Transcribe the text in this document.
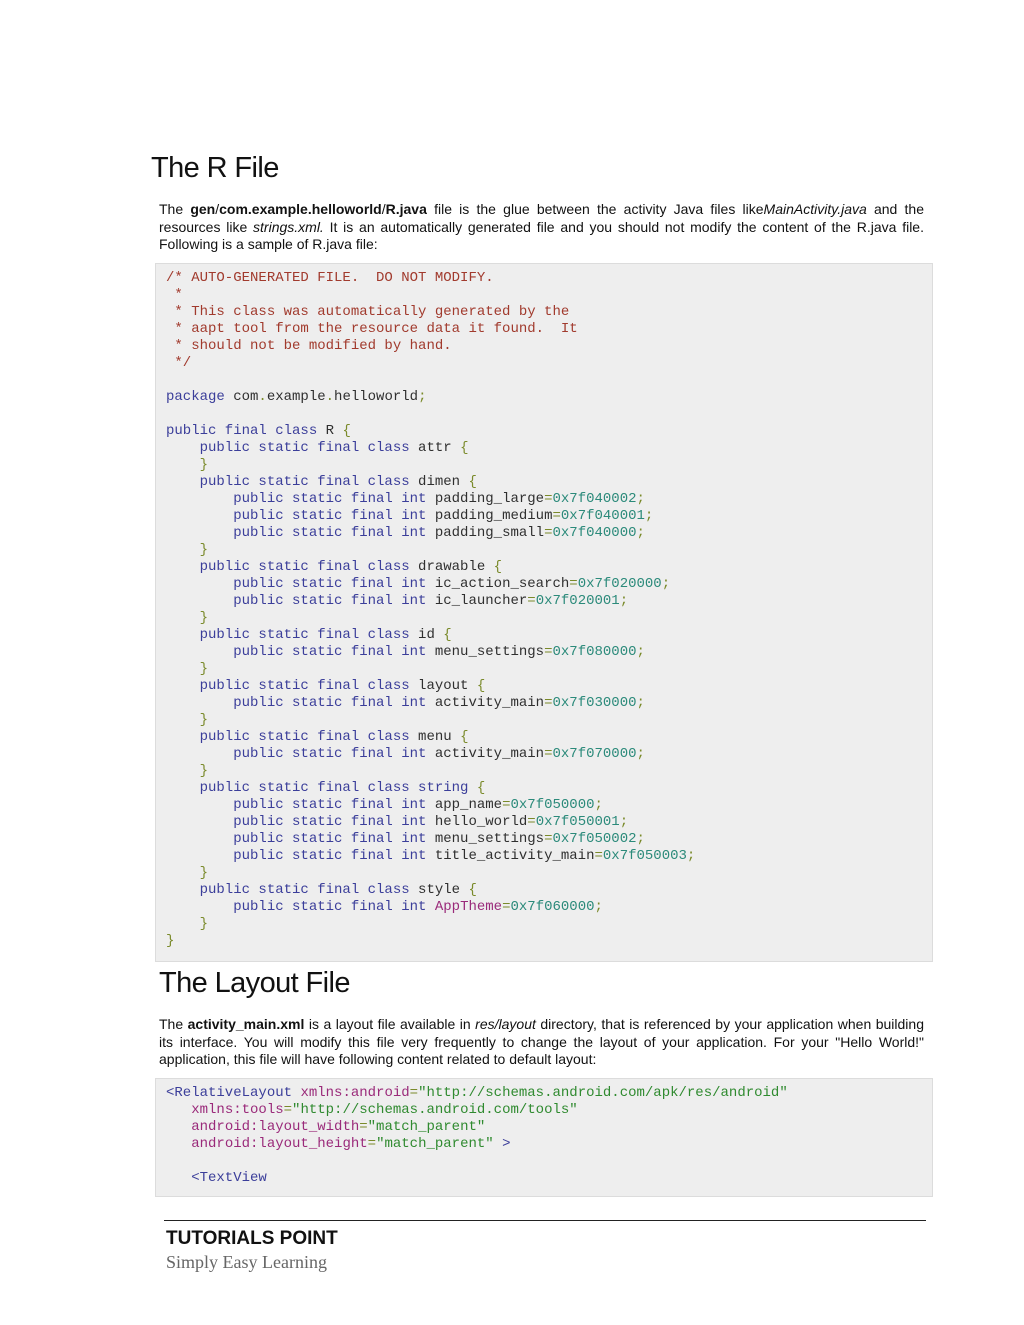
The R File

The gen/com.example.helloworld/R.java file is the glue between the activity Java files likeMainActivity.java and the resources like strings.xml. It is an automatically generated file and you should not modify the content of the R.java file. Following is a sample of R.java file:

/* AUTO-GENERATED FILE.  DO NOT MODIFY.
*
* This class was automatically generated by the
* aapt tool from the resource data it found.  It
* should not be modified by hand.
*/
package com.example.helloworld;
public final class R {
public static final class attr {
}
public static final class dimen {
public static final int padding_large=0x7f040002;
public static final int padding_medium=0x7f040001;
public static final int padding_small=0x7f040000;
}
public static final class drawable {
public static final int ic_action_search=0x7f020000;
public static final int ic_launcher=0x7f020001;
}
public static final class id {
public static final int menu_settings=0x7f080000;
}
public static final class layout {
public static final int activity_main=0x7f030000;
}
public static final class menu {
public static final int activity_main=0x7f070000;
}
public static final class string {
public static final int app_name=0x7f050000;
public static final int hello_world=0x7f050001;
public static final int menu_settings=0x7f050002;
public static final int title_activity_main=0x7f050003;
}
public static final class style {
public static final int AppTheme=0x7f060000;
}
}
The Layout File

The activity_main.xml is a layout file available in res/layout directory, that is referenced by your application when building its interface. You will modify this file very frequently to change the layout of your application. For your "Hello World!" application, this file will have following content related to default layout:

<RelativeLayout xmlns:android="http://schemas.android.com/apk/res/android"
xmlns:tools="http://schemas.android.com/tools"
android:layout_width="match_parent"
android:layout_height="match_parent" >
<TextView

TUTORIALS POINT

Simply Easy Learning
